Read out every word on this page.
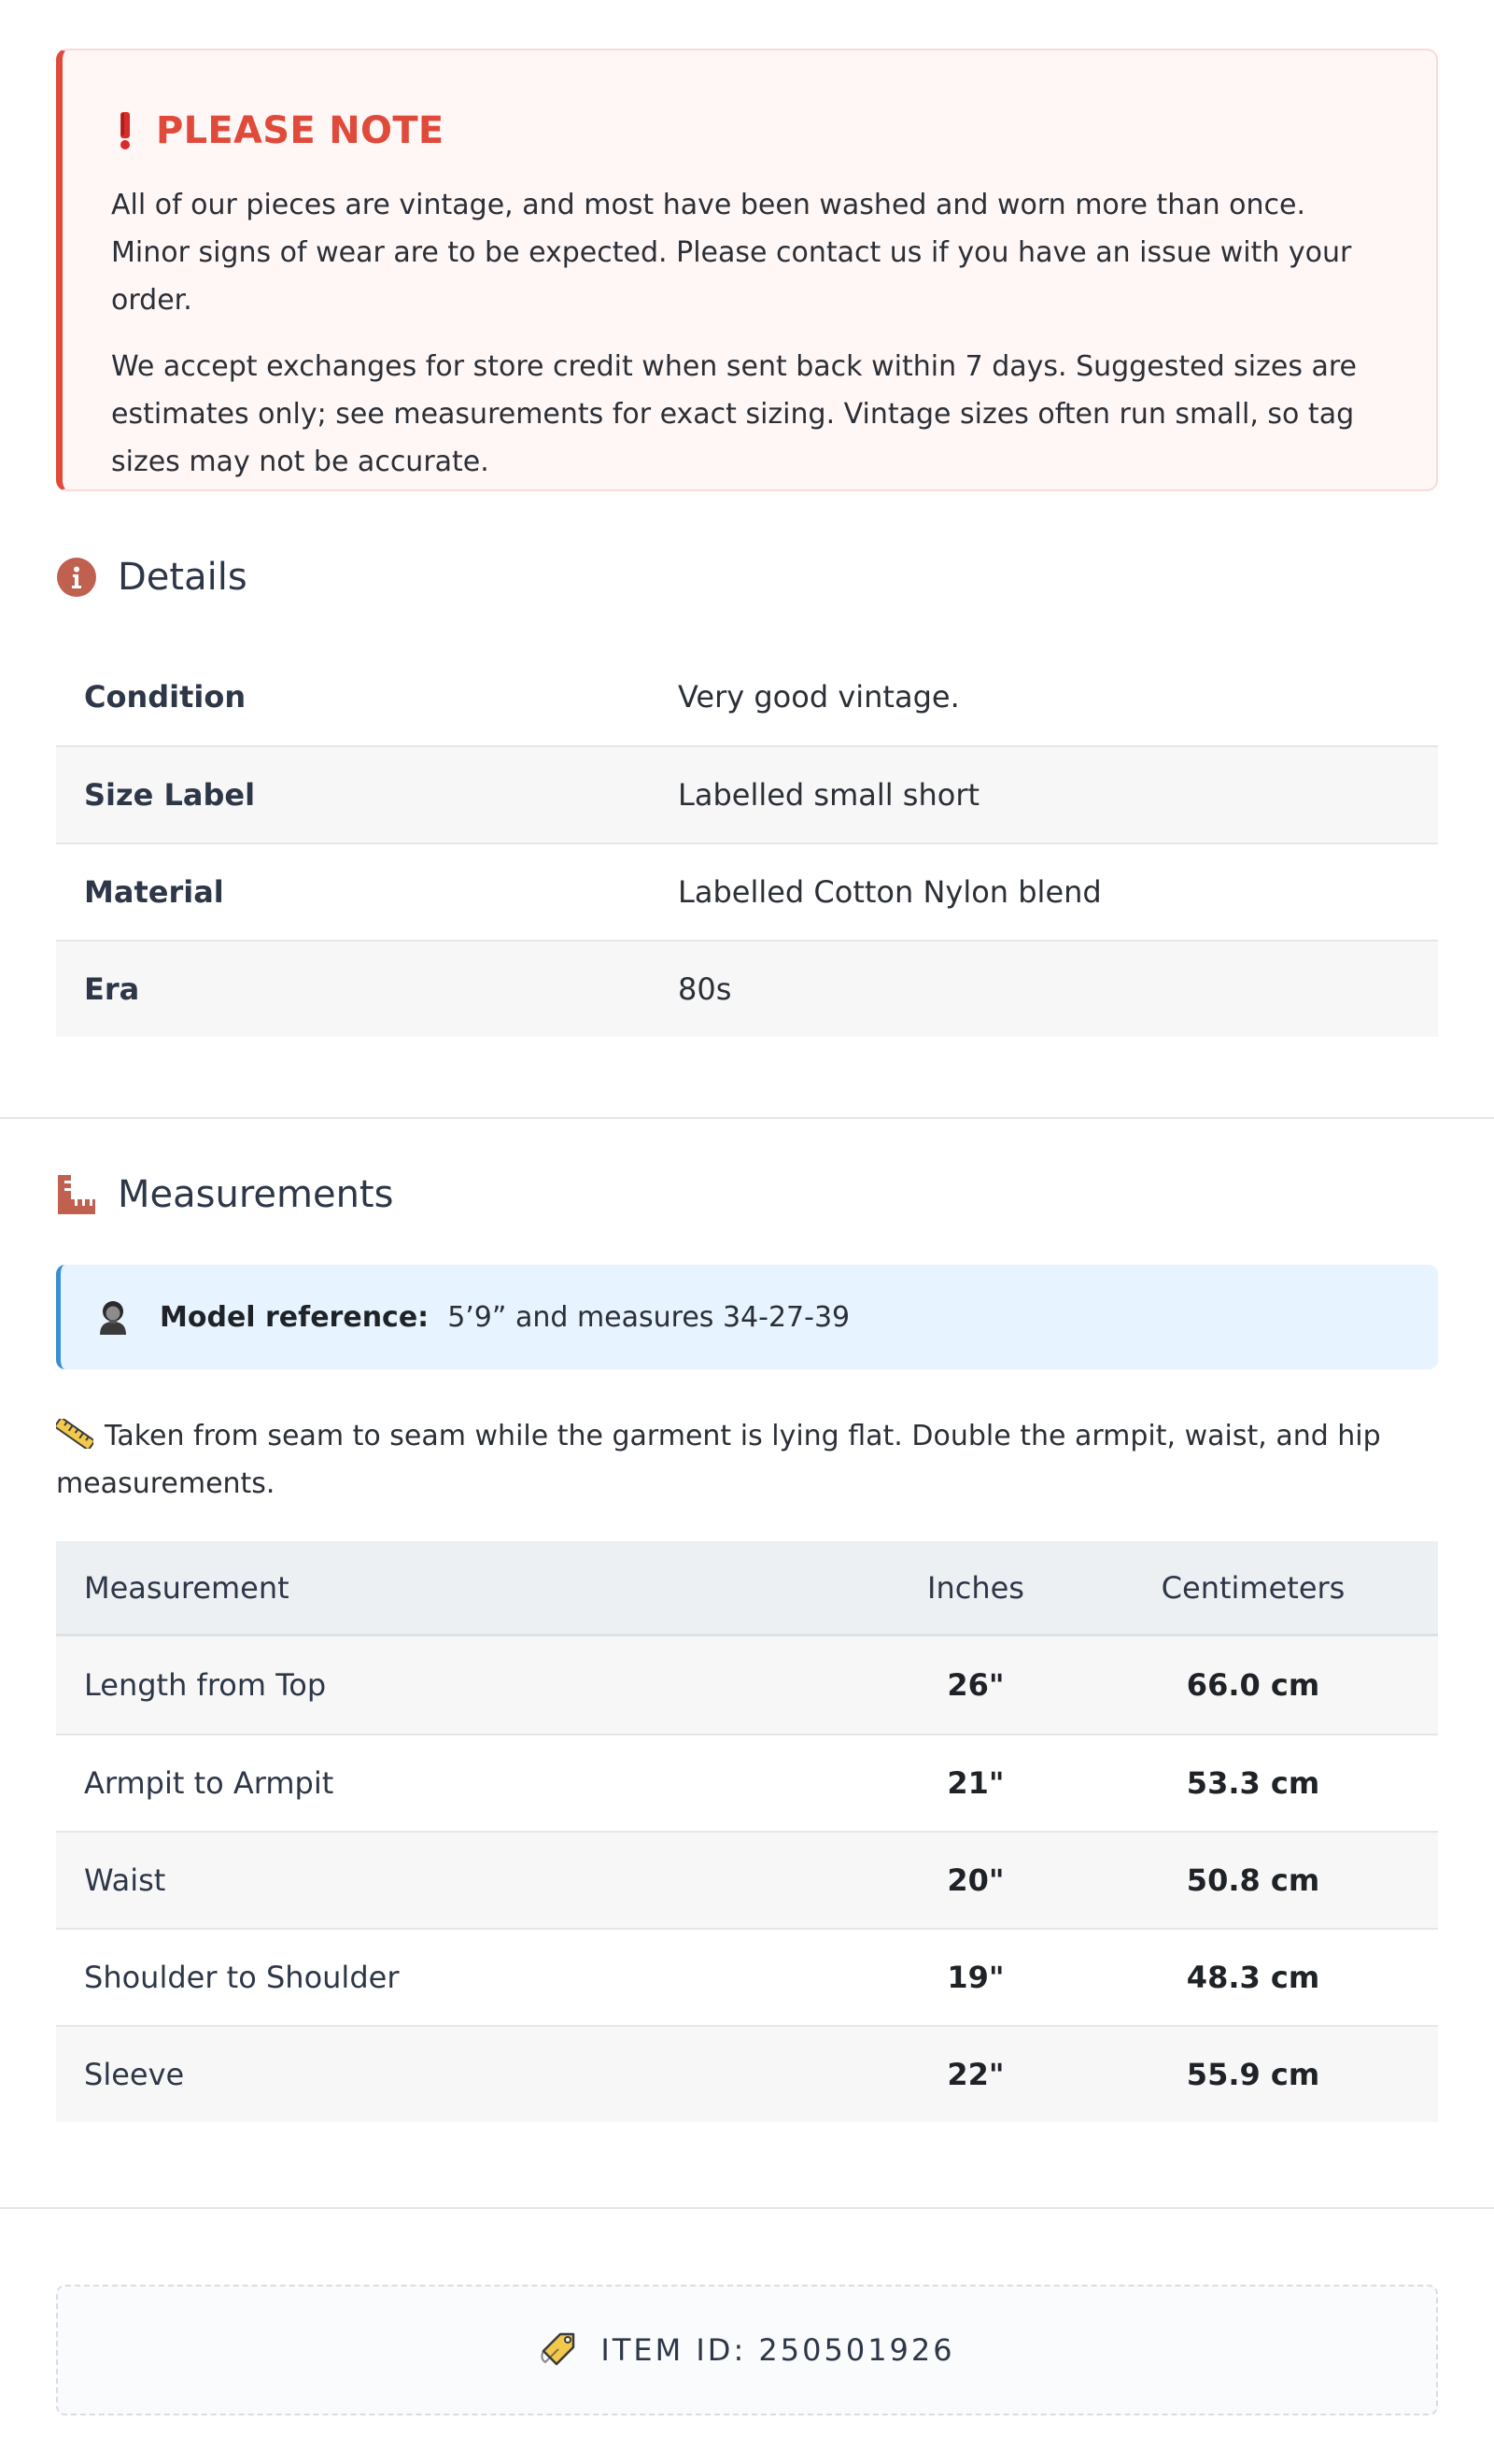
PLEASE NOTE

All of our pieces are vintage, and most have been washed and worn more than once. Minor signs of wear are to be expected. Please contact us if you have an issue with your order.

We accept exchanges for store credit when sent back within 7 days. Suggested sizes are estimates only; see measurements for exact sizing. Vintage sizes often run small, so tag sizes may not be accurate.

Details
Condition	Very good vintage.
Size Label	Labelled small short
Material	Labelled Cotton Nylon blend
Era	80s
Measurements
Model reference: 5’9” and measures 34-27-39
Taken from seam to seam while the garment is lying flat. Double the armpit, waist, and hip measurements.
Measurement	Inches	Centimeters
Length from Top	26"	66.0 cm
Armpit to Armpit	21"	53.3 cm
Waist	20"	50.8 cm
Shoulder to Shoulder	19"	48.3 cm
Sleeve	22"	55.9 cm
ITEM ID: 250501926
